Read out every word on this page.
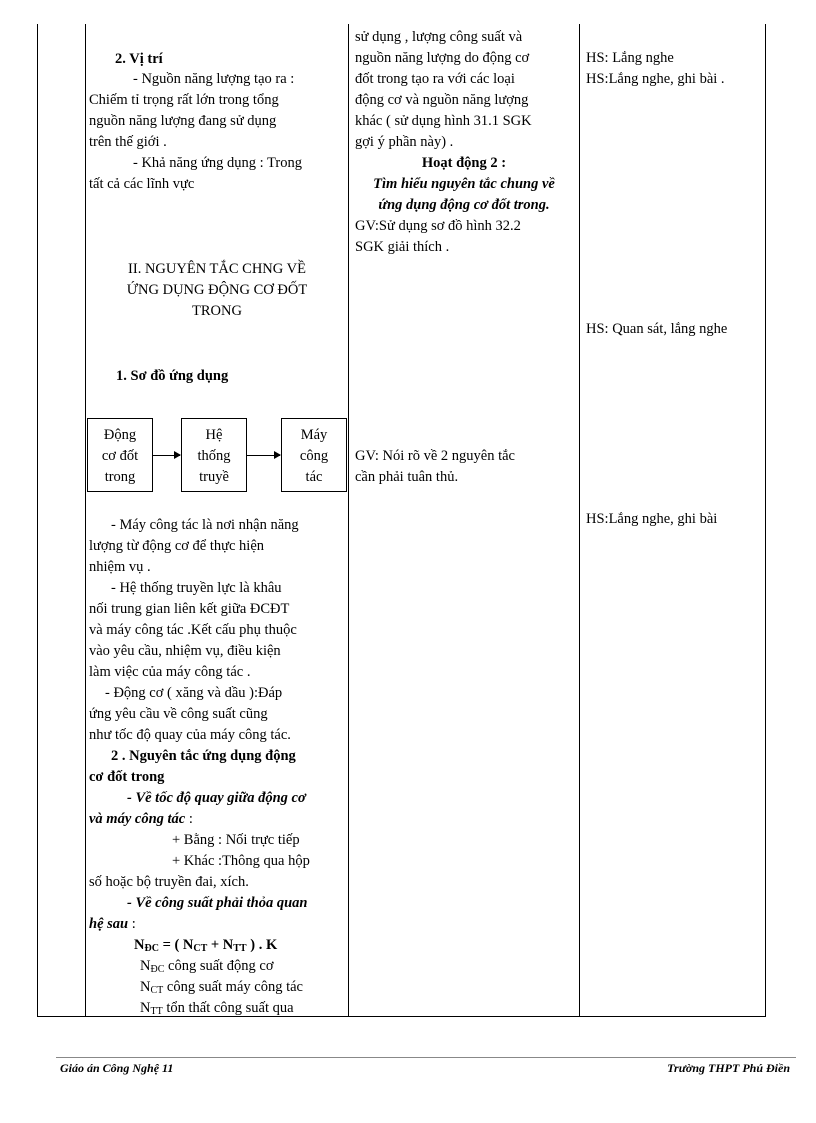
2. Vị trí
- Nguồn năng lượng tạo ra :
Chiếm tỉ trọng rất lớn trong tổng
nguồn năng lượng đang sử dụng
trên thế giới .
- Khả năng ứng dụng : Trong
tất cả các lĩnh vực
II. NGUYÊN TẮC CHNG VỀ
ỨNG DỤNG ĐỘNG CƠ ĐỐT
TRONG
1. Sơ đồ ứng dụng
Động
cơ đốt
trong
Hệ
thống
truyề
Máy
công
tác
- Máy công tác là nơi nhận năng
lượng từ động cơ để thực hiện
nhiệm vụ .
- Hệ thống truyền lực là khâu
nối trung gian liên kết giữa ĐCĐT
và máy công tác .Kết cấu phụ thuộc
vào yêu cầu, nhiệm vụ, điều kiện
làm việc của máy công tác .
- Động cơ ( xăng và dầu ):Đáp
ứng yêu cầu về công suất cũng
như tốc độ quay của máy công tác.
2 . Nguyên tắc ứng dụng động
cơ đốt trong
- Về tốc độ quay giữa động cơ
và máy công tác :
+ Bằng : Nối trực tiếp
+ Khác :Thông qua hộp
số hoặc bộ truyền đai, xích.
- Về công suất phải thỏa quan
hệ sau :
$N_{ĐC}$ = ( $N_{CT} + N_{TT}$ ) . K
$N_{ĐC}$ công suất động cơ
$N_{CT}$ công suất máy công tác
$N_{TT}$ tổn thất công suất qua
sử dụng , lượng công suất và
nguồn năng lượng do động cơ
đốt trong tạo ra với các loại
động cơ và nguồn năng lượng
khác ( sử dụng hình 31.1 SGK
gợi ý phần này) .
Hoạt động 2 :
Tìm hiểu nguyên tắc chung về
ứng dụng động cơ đốt trong.
GV:Sử dụng sơ đồ hình 32.2
SGK giải thích .
GV: Nói rõ về 2 nguyên tắc
cần phải tuân thủ.
HS: Lắng nghe
HS:Lắng nghe, ghi bài .
HS: Quan sát, lắng nghe
HS:Lắng nghe, ghi bài
Giáo án Công Nghệ 11	Trường THPT Phú Điền
